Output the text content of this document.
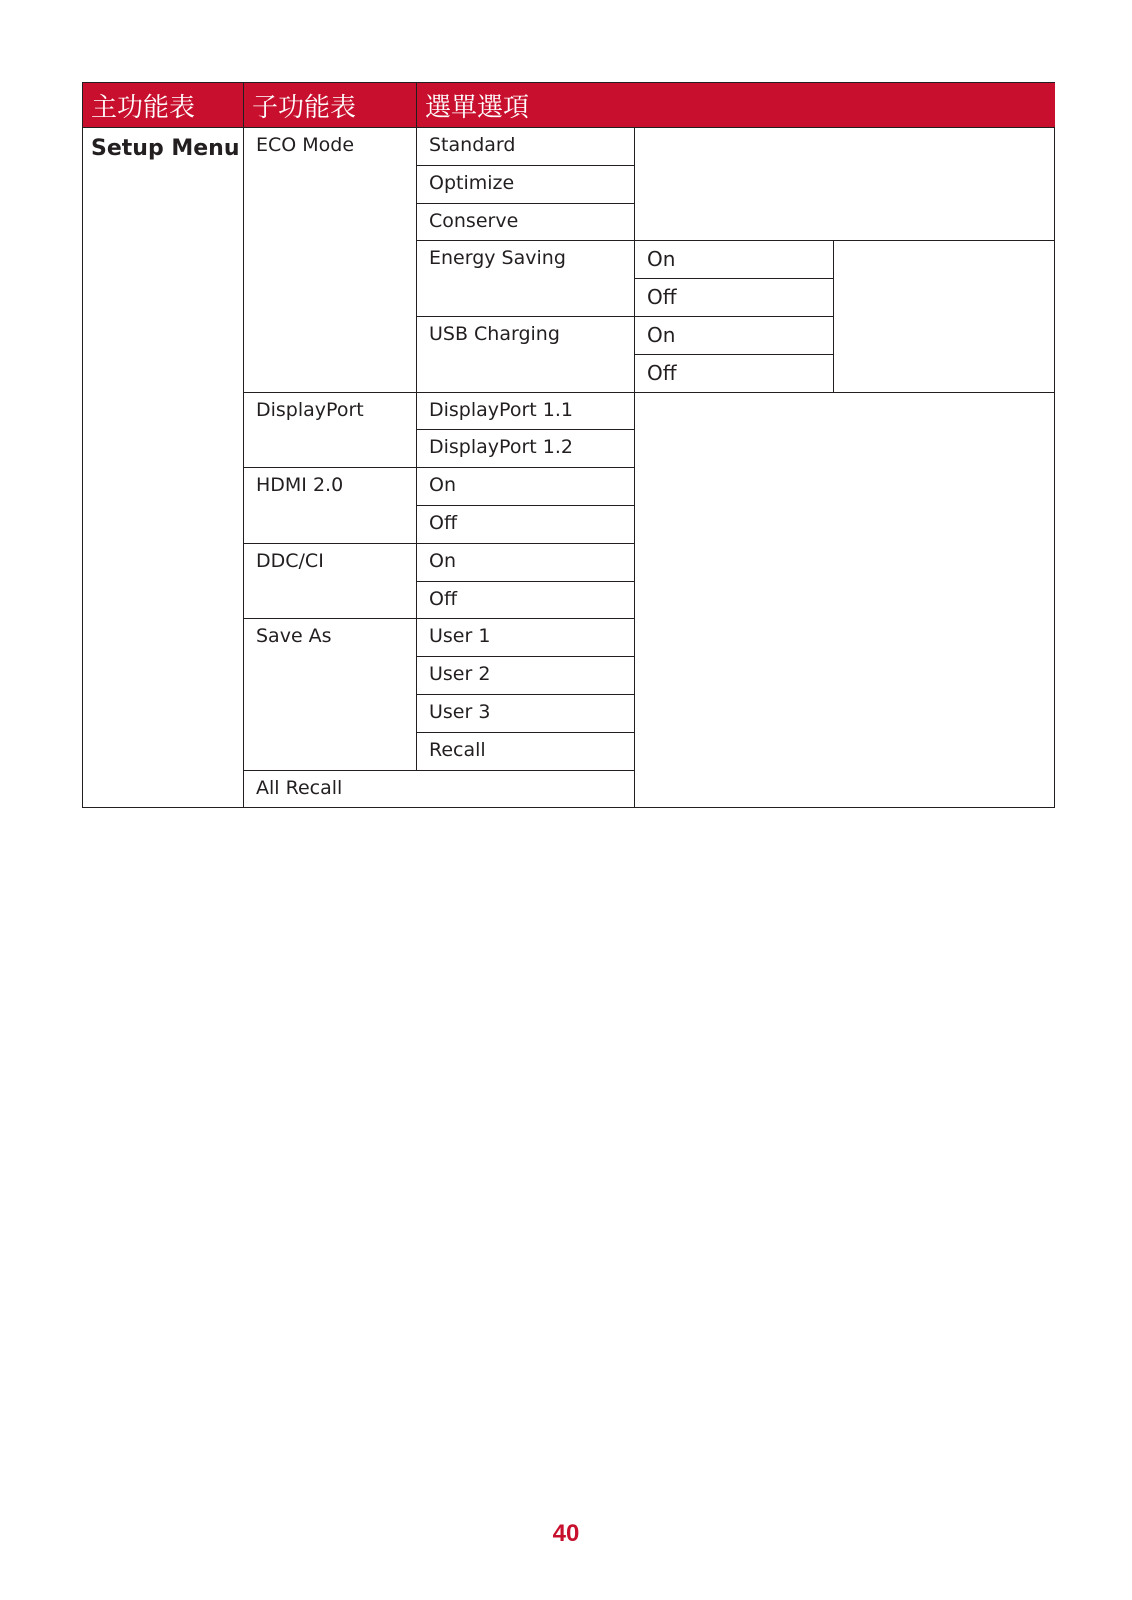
主功能表	子功能表	選單選項		

Setup Menu	ECO Mode	Standard		

		Optimize		

		Conserve		

		Energy Saving	On	

			Off	

		USB Charging	On	

			Off	

	DisplayPort	DisplayPort 1.1		

		DisplayPort 1.2		

	HDMI 2.0	On		

		Off		

	DDC/CI	On		

		Off		

	Save As	User 1		

		User 2		

		User 3		

		Recall		

	All Recall			
40
